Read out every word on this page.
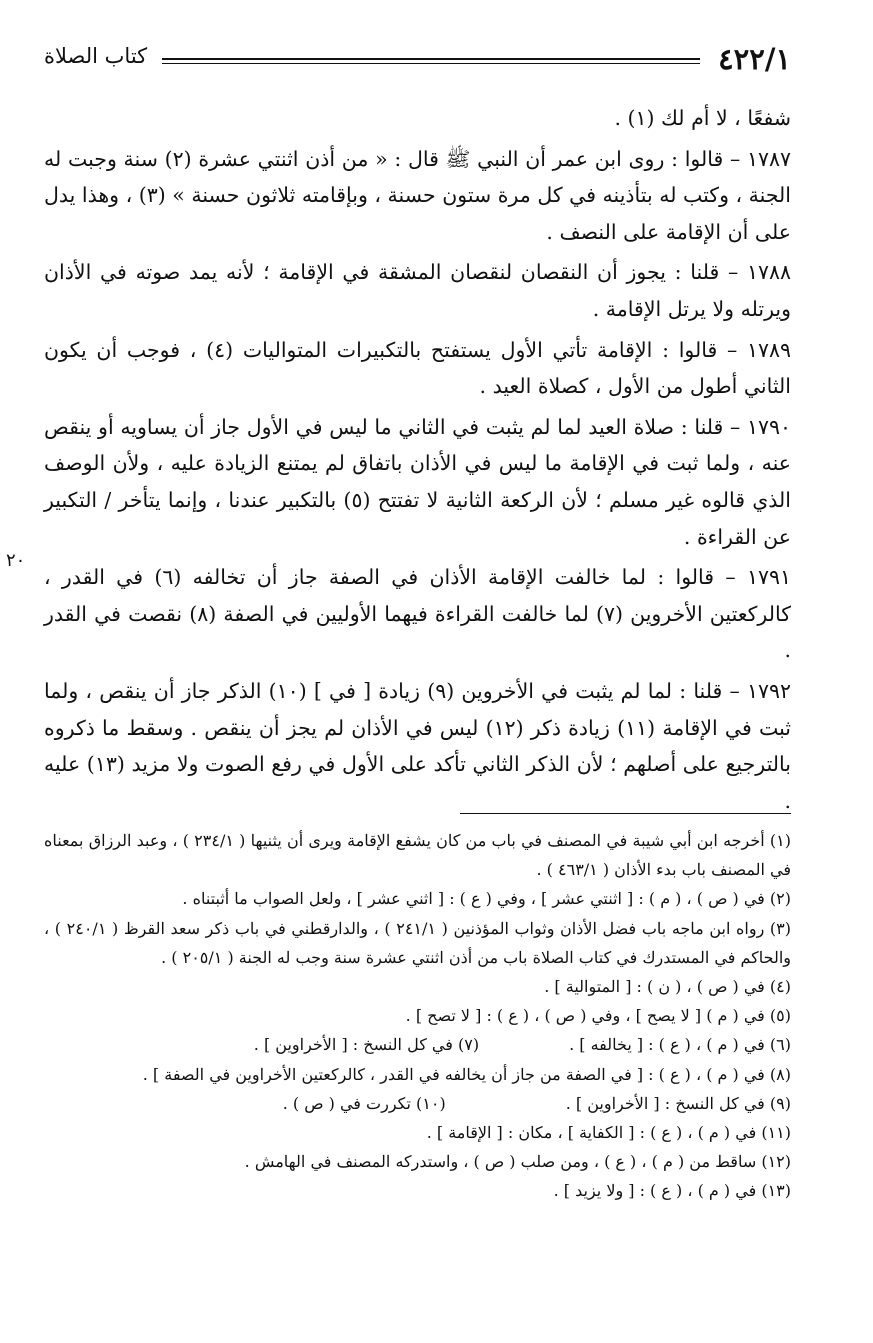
٤٢٢/١
كتاب الصلاة

شفعًا ، لا أم لك (١) .

١٧٨٧ – قالوا : روى ابن عمر أن النبي ﷺ قال : « من أذن اثنتي عشرة (٢) سنة وجبت له الجنة ، وكتب له بتأذينه في كل مرة ستون حسنة ، وبإقامته ثلاثون حسنة » (٣) ، وهذا يدل على أن الإقامة على النصف .

١٧٨٨ – قلنا : يجوز أن النقصان لنقصان المشقة في الإقامة ؛ لأنه يمد صوته في الأذان ويرتله ولا يرتل الإقامة .

١٧٨٩ – قالوا : الإقامة تأتي الأول يستفتح بالتكبيرات المتواليات (٤) ، فوجب أن يكون الثاني أطول من الأول ، كصلاة العيد .

١٧٩٠ – قلنا : صلاة العيد لما لم يثبت في الثاني ما ليس في الأول جاز أن يساويه أو ينقص عنه ، ولما ثبت في الإقامة ما ليس في الأذان باتفاق لم يمتنع الزيادة عليه ، ولأن الوصف الذي قالوه غير مسلم ؛ لأن الركعة الثانية لا تفتتح (٥) بالتكبير عندنا ، وإنما يتأخر / التكبير عن القراءة .

١٧٩١ – قالوا : لما خالفت الإقامة الأذان في الصفة جاز أن تخالفه (٦) في القدر ، كالركعتين الأخروين (٧) لما خالفت القراءة فيهما الأوليين في الصفة (٨) نقصت في القدر .

١٧٩٢ – قلنا : لما لم يثبت في الأخروين (٩) زيادة [ في ] (١٠) الذكر جاز أن ينقص ، ولما ثبت في الإقامة (١١) زيادة ذكر (١٢) ليس في الأذان لم يجز أن ينقص . وسقط ما ذكروه بالترجيع على أصلهم ؛ لأن الذكر الثاني تأكد على الأول في رفع الصوت ولا مزيد (١٣) عليه .

٢٠

(١) أخرجه ابن أبي شيبة في المصنف في باب من كان يشفع الإقامة ويرى أن يثنيها ( ٢٣٤/١ ) ، وعبد الرزاق بمعناه في المصنف باب بدء الأذان ( ٤٦٣/١ ) .

(٢) في ( ص ) ، ( م ) : [ اثنتي عشر ] ، وفي ( ع ) : [ اثني عشر ] ، ولعل الصواب ما أثبتناه .

(٣) رواه ابن ماجه باب فضل الأذان وثواب المؤذنين ( ٢٤١/١ ) ، والدارقطني في باب ذكر سعد القرظ ( ٢٤٠/١ ) ، والحاكم في المستدرك في كتاب الصلاة باب من أذن اثنتي عشرة سنة وجب له الجنة ( ٢٠٥/١ ) .

(٤) في ( ص ) ، ( ن ) : [ المتوالية ] .

(٥) في ( م ) [ لا يصح ] ، وفي ( ص ) ، ( ع ) : [ لا تصح ] .

(٦) في ( م ) ، ( ع ) : [ يخالفه ] .
(٧) في كل النسخ : [ الأخراوين ] .

(٨) في ( م ) ، ( ع ) : [ في الصفة من جاز أن يخالفه في القدر ، كالركعتين الأخراوين في الصفة ] .

(٩) في كل النسخ : [ الأخراوين ] .
(١٠) تكررت في ( ص ) .

(١١) في ( م ) ، ( ع ) : [ الكفاية ] ، مكان : [ الإقامة ] .

(١٢) ساقط من ( م ) ، ( ع ) ، ومن صلب ( ص ) ، واستدركه المصنف في الهامش .

(١٣) في ( م ) ، ( ع ) : [ ولا يزيد ] .
